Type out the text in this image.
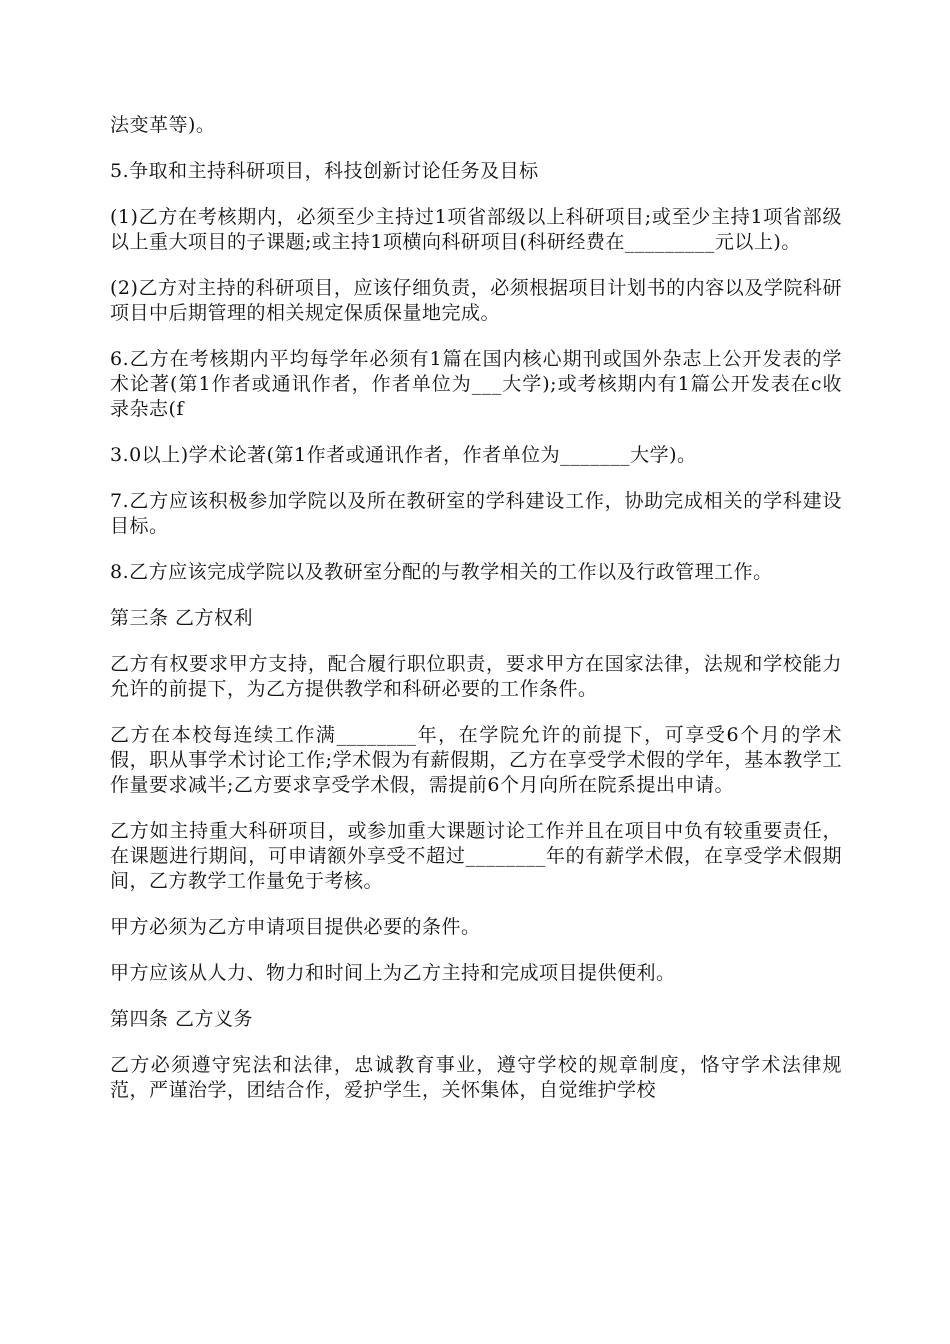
法变革等)。

5.争取和主持科研项目，科技创新讨论任务及目标

(1)乙方在考核期内，必须至少主持过1项省部级以上科研项目;或至少主持1项省部级以上重大项目的子课题;或主持1项横向科研项目(科研经费在_________元以上)。

(2)乙方对主持的科研项目，应该仔细负责，必须根据项目计划书的内容以及学院科研项目中后期管理的相关规定保质保量地完成。

6.乙方在考核期内平均每学年必须有1篇在国内核心期刊或国外杂志上公开发表的学术论著(第1作者或通讯作者，作者单位为___大学);或考核期内有1篇公开发表在c收录杂志(f

3.0以上)学术论著(第1作者或通讯作者，作者单位为_______大学)。

7.乙方应该积极参加学院以及所在教研室的学科建设工作，协助完成相关的学科建设目标。

8.乙方应该完成学院以及教研室分配的与教学相关的工作以及行政管理工作。

第三条 乙方权利

乙方有权要求甲方支持，配合履行职位职责，要求甲方在国家法律，法规和学校能力允许的前提下，为乙方提供教学和科研必要的工作条件。

乙方在本校每连续工作满________年，在学院允许的前提下，可享受6个月的学术假，职从事学术讨论工作;学术假为有薪假期，乙方在享受学术假的学年，基本教学工作量要求减半;乙方要求享受学术假，需提前6个月向所在院系提出申请。

乙方如主持重大科研项目，或参加重大课题讨论工作并且在项目中负有较重要责任，在课题进行期间，可申请额外享受不超过________年的有薪学术假，在享受学术假期间，乙方教学工作量免于考核。

甲方必须为乙方申请项目提供必要的条件。

甲方应该从人力、物力和时间上为乙方主持和完成项目提供便利。

第四条 乙方义务

乙方必须遵守宪法和法律，忠诚教育事业，遵守学校的规章制度，恪守学术法律规范，严谨治学，团结合作，爱护学生，关怀集体，自觉维护学校
